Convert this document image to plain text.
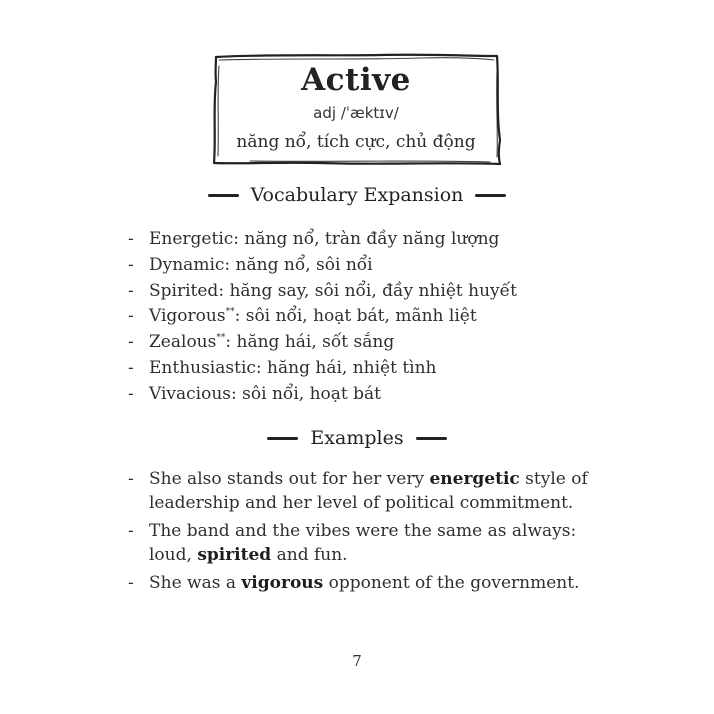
Active
adj /ˈæktɪv/
năng nổ, tích cực, chủ động
Vocabulary Expansion
- Energetic: năng nổ, tràn đầy năng lượng
- Dynamic: năng nổ, sôi nổi
- Spirited: hăng say, sôi nổi, đầy nhiệt huyết
- Vigorous**: sôi nổi, hoạt bát, mãnh liệt
- Zealous**: hăng hái, sốt sắng
- Enthusiastic: hăng hái, nhiệt tình
- Vivacious: sôi nổi, hoạt bát
Examples
- She also stands out for her very energetic style of leadership and her level of political commitment.
- The band and the vibes were the same as always: loud, spirited and fun.
- She was a vigorous opponent of the government.
7
